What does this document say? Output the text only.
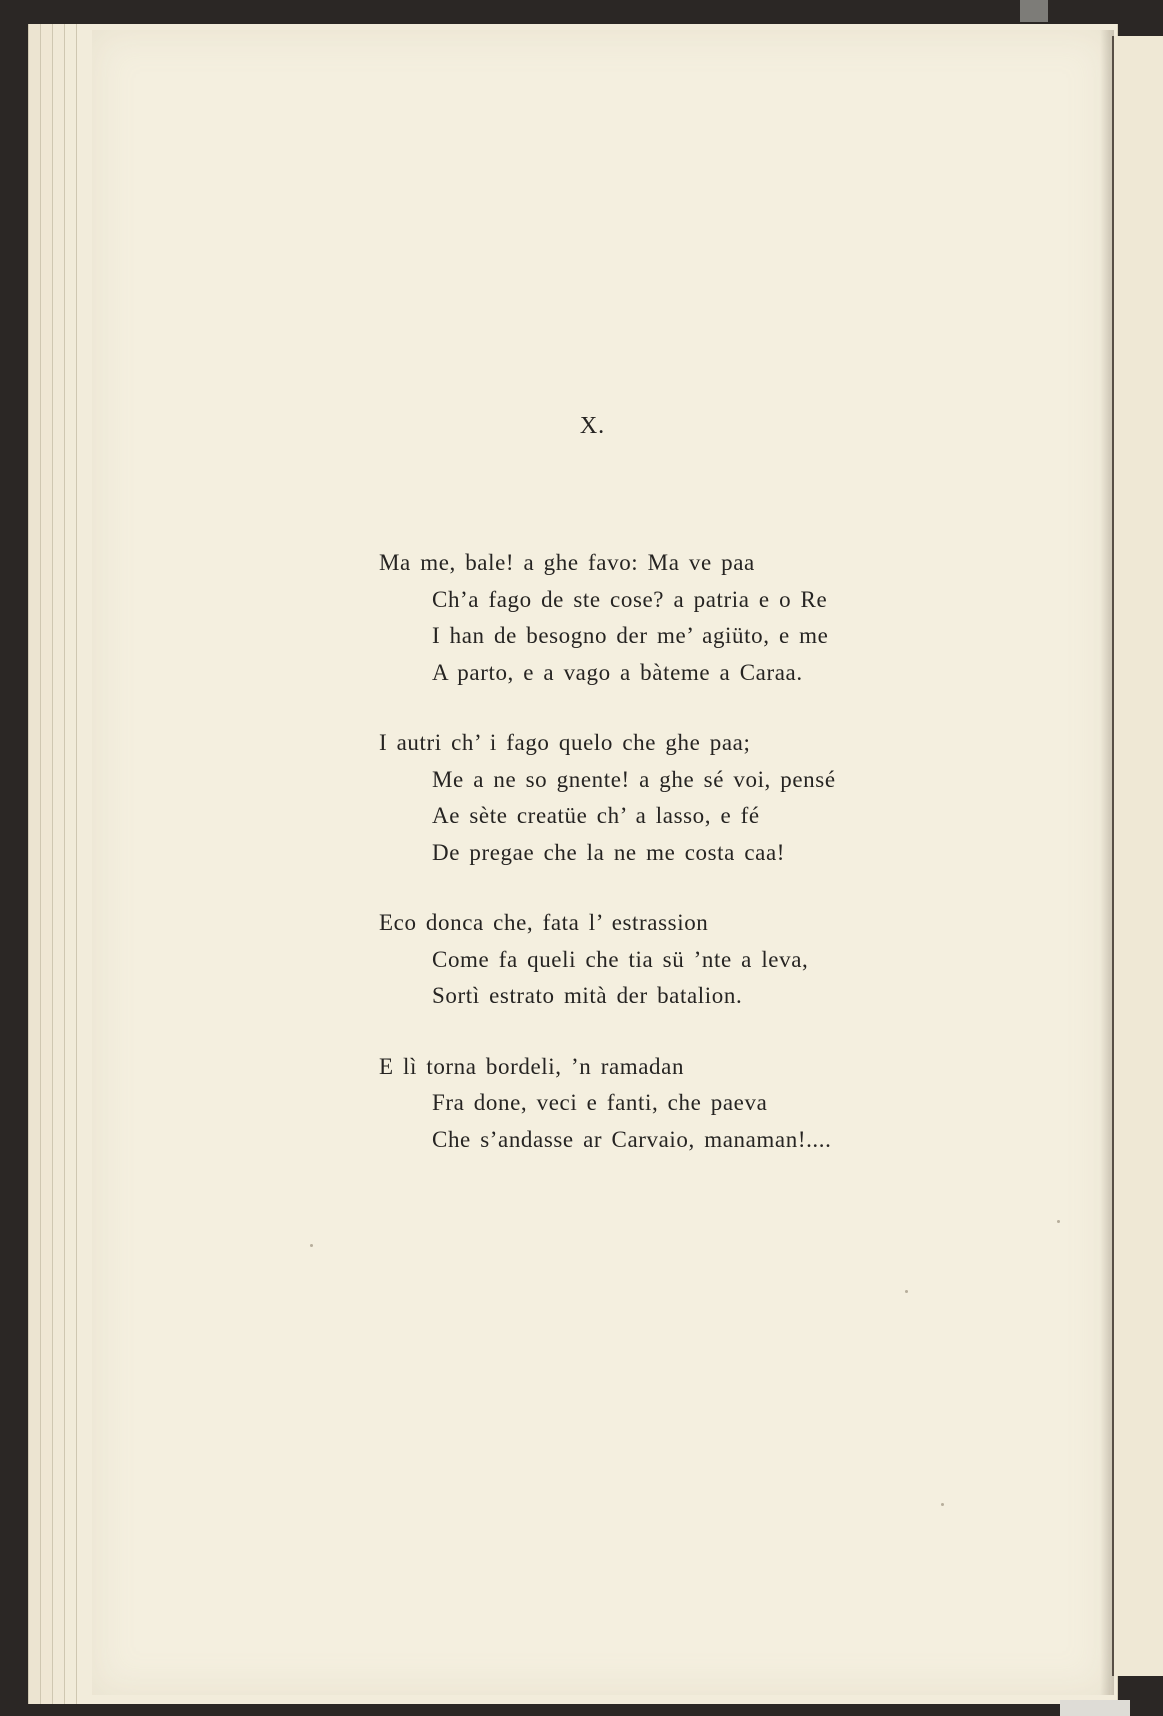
X.
Ma me, bale! a ghe favo: Ma ve paa
Ch’a fago de ste cose? a patria e o Re
I han de besogno der me’ agiüto, e me
A parto, e a vago a bàteme a Caraa.
I autri ch’ i fago quelo che ghe paa;
Me a ne so gnente! a ghe sé voi, pensé
Ae sète creatüe ch’ a lasso, e fé
De pregae che la ne me costa caa!
Eco donca che, fata l’ estrassion
Come fa queli che tia sü ’nte a leva,
Sortì estrato mità der batalion.
E lì torna bordeli, ’n ramadan
Fra done, veci e fanti, che paeva
Che s’andasse ar Carvaio, manaman!....
